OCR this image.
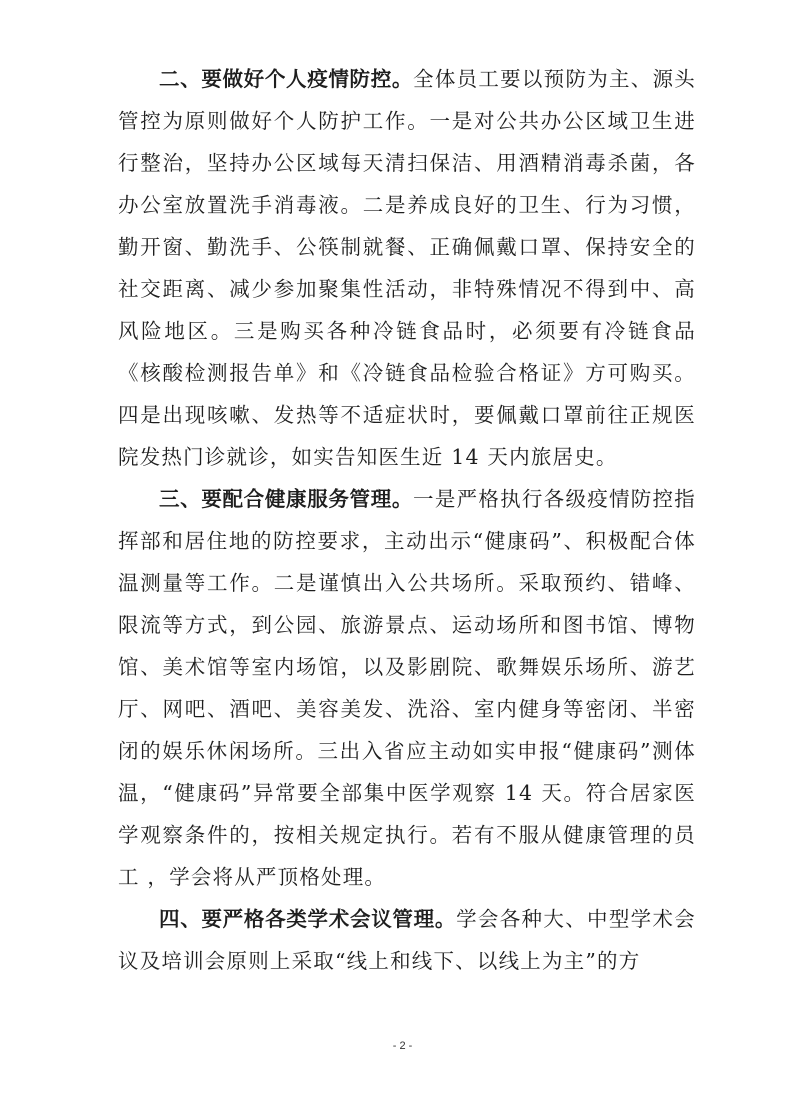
二、要做好个人疫情防控。全体员工要以预防为主、源头管控为原则做好个人防护工作。一是对公共办公区域卫生进行整治，坚持办公区域每天清扫保洁、用酒精消毒杀菌，各办公室放置洗手消毒液。二是养成良好的卫生、行为习惯，勤开窗、勤洗手、公筷制就餐、正确佩戴口罩、保持安全的社交距离、减少参加聚集性活动，非特殊情况不得到中、高风险地区。三是购买各种冷链食品时，必须要有冷链食品《核酸检测报告单》和《冷链食品检验合格证》方可购买。四是出现咳嗽、发热等不适症状时，要佩戴口罩前往正规医院发热门诊就诊，如实告知医生近 14 天内旅居史。

三、要配合健康服务管理。一是严格执行各级疫情防控指挥部和居住地的防控要求，主动出示“健康码”、积极配合体温测量等工作。二是谨慎出入公共场所。采取预约、错峰、限流等方式，到公园、旅游景点、运动场所和图书馆、博物馆、美术馆等室内场馆，以及影剧院、歌舞娱乐场所、游艺厅、网吧、酒吧、美容美发、洗浴、室内健身等密闭、半密闭的娱乐休闲场所。三出入省应主动如实申报“健康码”测体温，“健康码”异常要全部集中医学观察 14 天。符合居家医学观察条件的，按相关规定执行。若有不服从健康管理的员工 ，学会将从严顶格处理。

四、要严格各类学术会议管理。学会各种大、中型学术会议及培训会原则上采取“线上和线下、以线上为主”的方

- 2 -
